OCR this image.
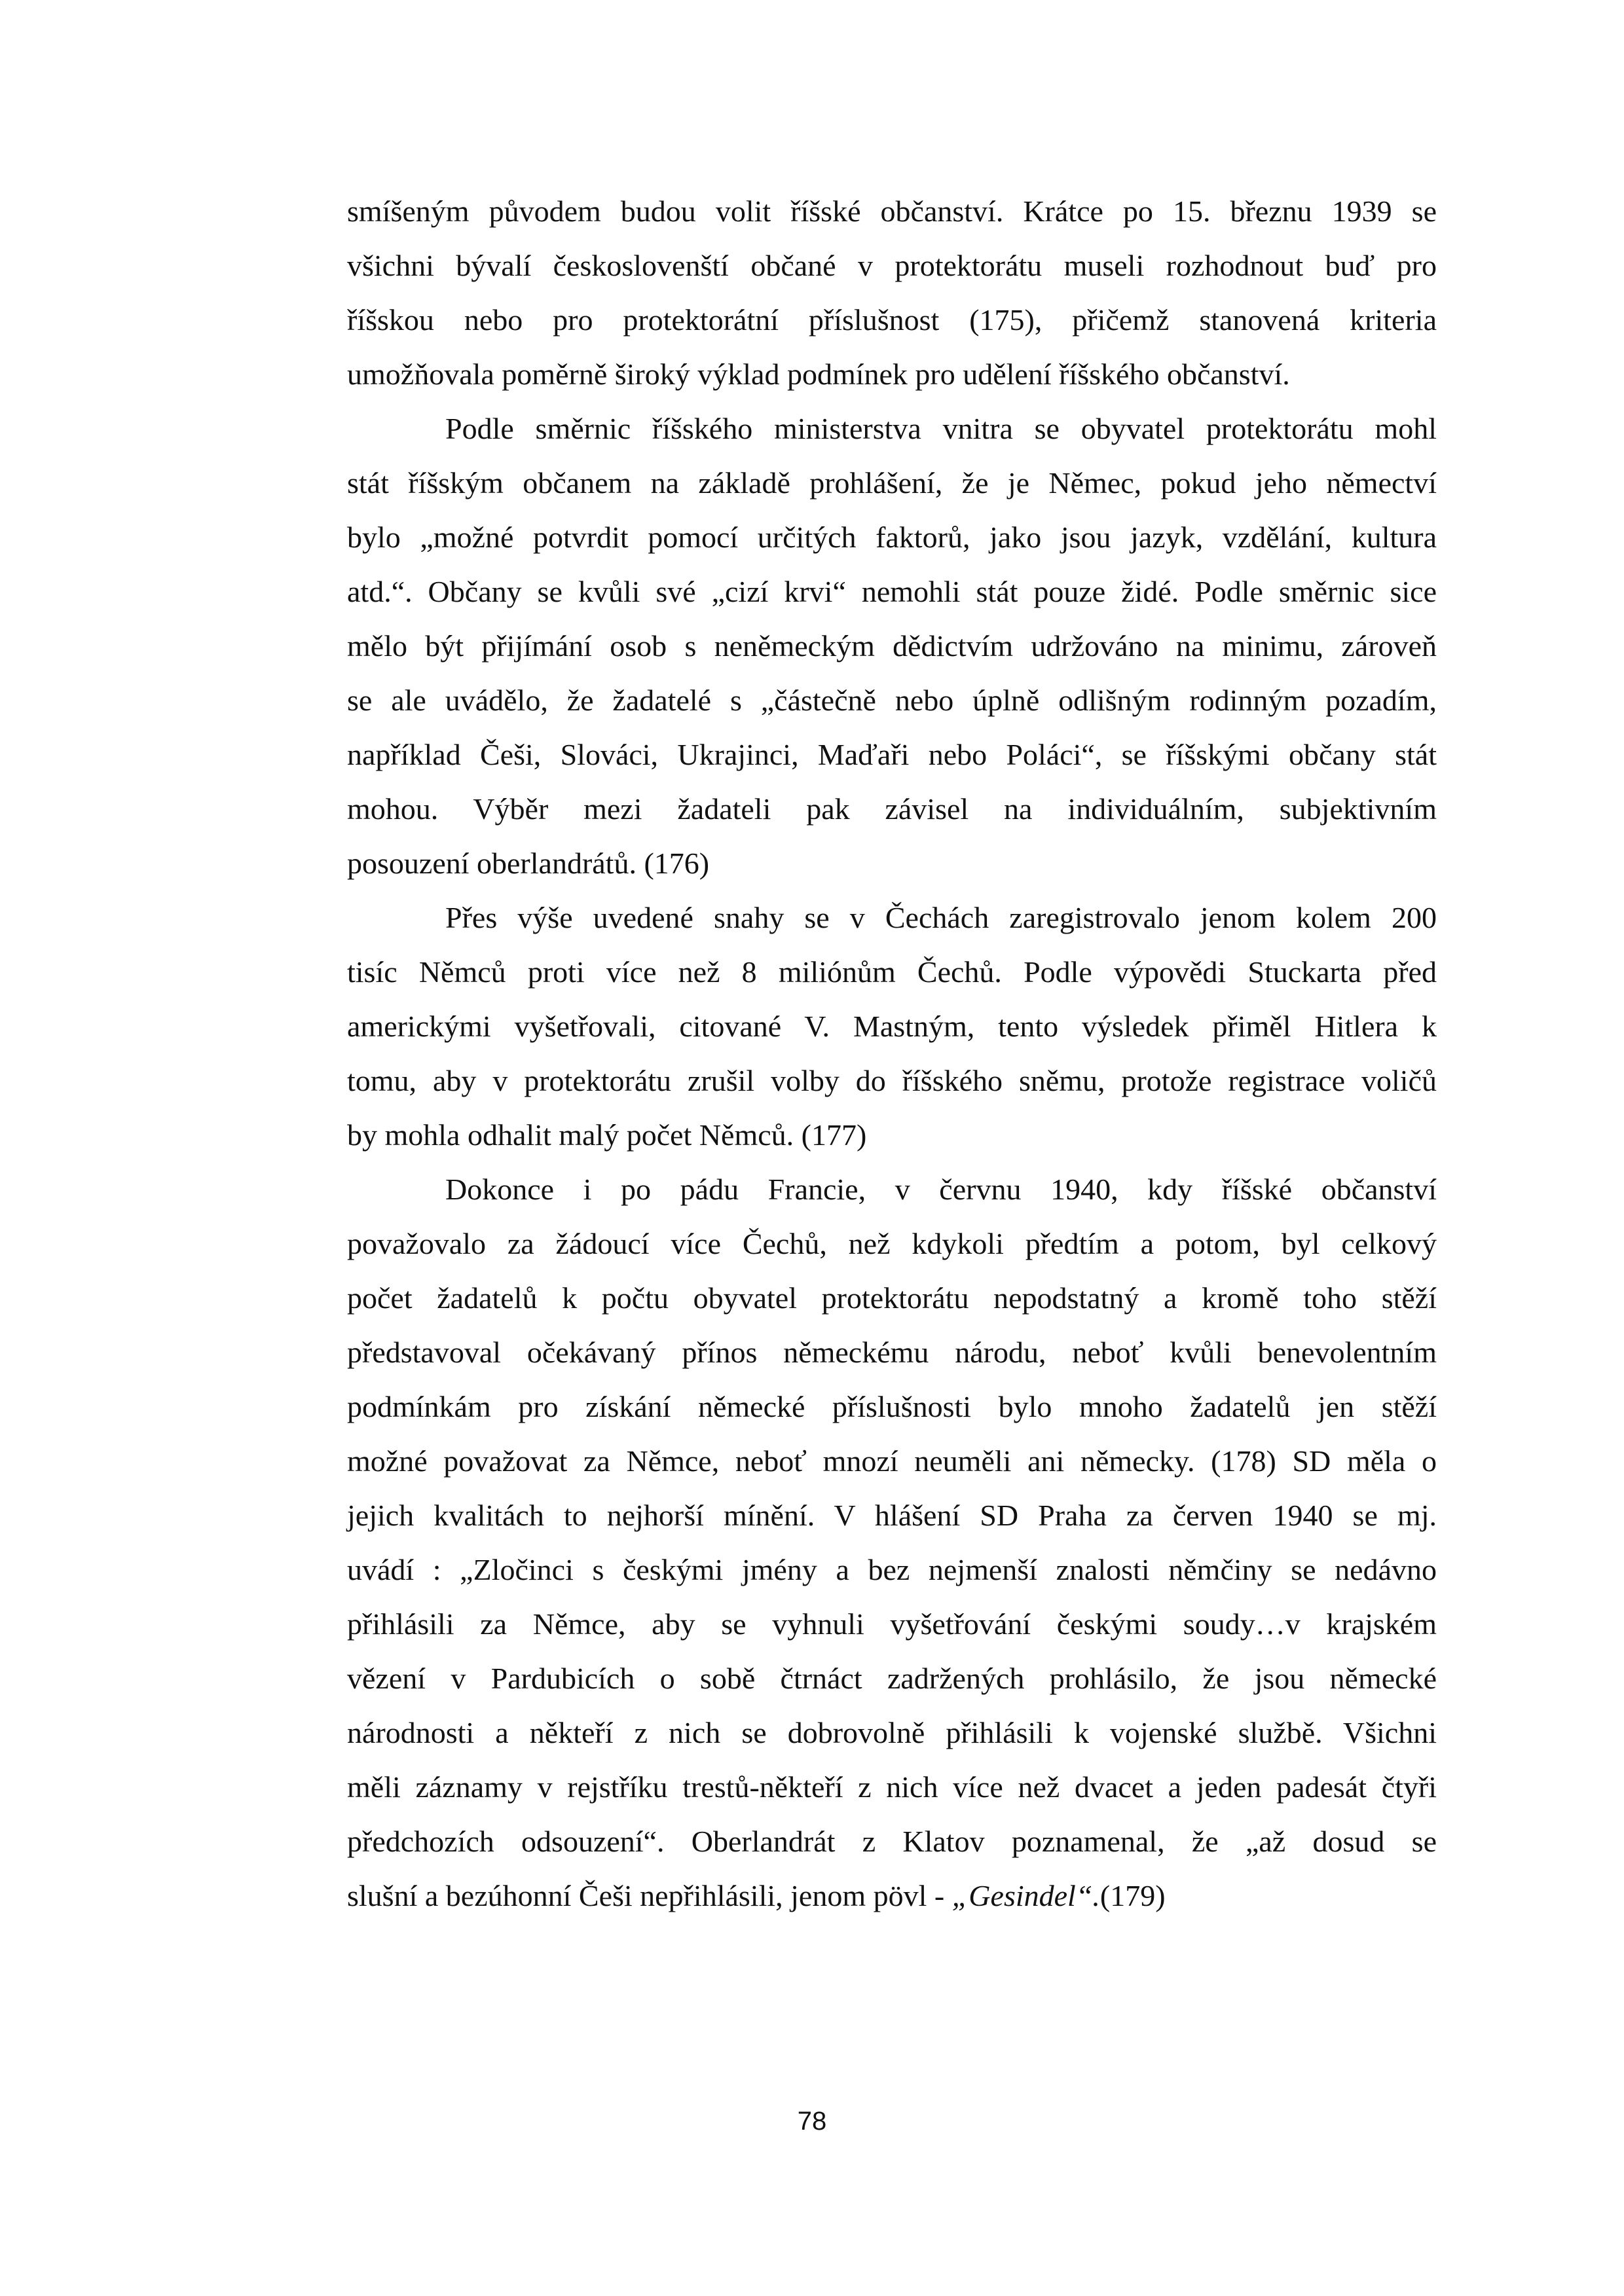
smíšeným původem budou volit říšské občanství. Krátce po 15. březnu 1939 se
všichni bývalí českoslovenští občané v protektorátu museli rozhodnout buď pro
říšskou nebo pro protektorátní příslušnost (175), přičemž stanovená kriteria
umožňovala poměrně široký výklad podmínek pro udělení říšského občanství.
Podle směrnic říšského ministerstva vnitra se obyvatel protektorátu mohl
stát říšským občanem na základě prohlášení, že je Němec, pokud jeho němectví
bylo „možné potvrdit pomocí určitých faktorů, jako jsou jazyk, vzdělání, kultura
atd.“. Občany se kvůli své „cizí krvi“ nemohli stát pouze židé. Podle směrnic sice
mělo být přijímání osob s neněmeckým dědictvím udržováno na minimu, zároveň
se ale uvádělo, že žadatelé s „částečně nebo úplně odlišným rodinným pozadím,
například Češi, Slováci, Ukrajinci, Maďaři nebo Poláci“, se říšskými občany stát
mohou. Výběr mezi žadateli pak závisel na individuálním, subjektivním
posouzení oberlandrátů. (176)
Přes výše uvedené snahy se v Čechách zaregistrovalo jenom kolem 200
tisíc Němců proti více než 8 miliónům Čechů. Podle výpovědi Stuckarta před
americkými vyšetřovali, citované V. Mastným, tento výsledek přiměl Hitlera k
tomu, aby v protektorátu zrušil volby do říšského sněmu, protože registrace voličů
by mohla odhalit malý počet Němců. (177)
Dokonce i po pádu Francie, v červnu 1940, kdy říšské občanství
považovalo za žádoucí více Čechů, než kdykoli předtím a potom, byl celkový
počet žadatelů k počtu obyvatel protektorátu nepodstatný a kromě toho stěží
představoval očekávaný přínos německému národu, neboť kvůli benevolentním
podmínkám pro získání německé příslušnosti bylo mnoho žadatelů jen stěží
možné považovat za Němce, neboť mnozí neuměli ani německy. (178) SD měla o
jejich kvalitách to nejhorší mínění. V hlášení SD Praha za červen 1940 se mj.
uvádí : „Zločinci s českými jmény a bez nejmenší znalosti němčiny se nedávno
přihlásili za Němce, aby se vyhnuli vyšetřování českými soudy…v krajském
vězení v Pardubicích o sobě čtrnáct zadržených prohlásilo, že jsou německé
národnosti a někteří z nich se dobrovolně přihlásili k vojenské službě. Všichni
měli záznamy v rejstříku trestů-někteří z nich více než dvacet a jeden padesát čtyři
předchozích odsouzení“. Oberlandrát z Klatov poznamenal, že „až dosud se
slušní a bezúhonní Češi nepřihlásili, jenom pövl - „Gesindel“.(179)
78
